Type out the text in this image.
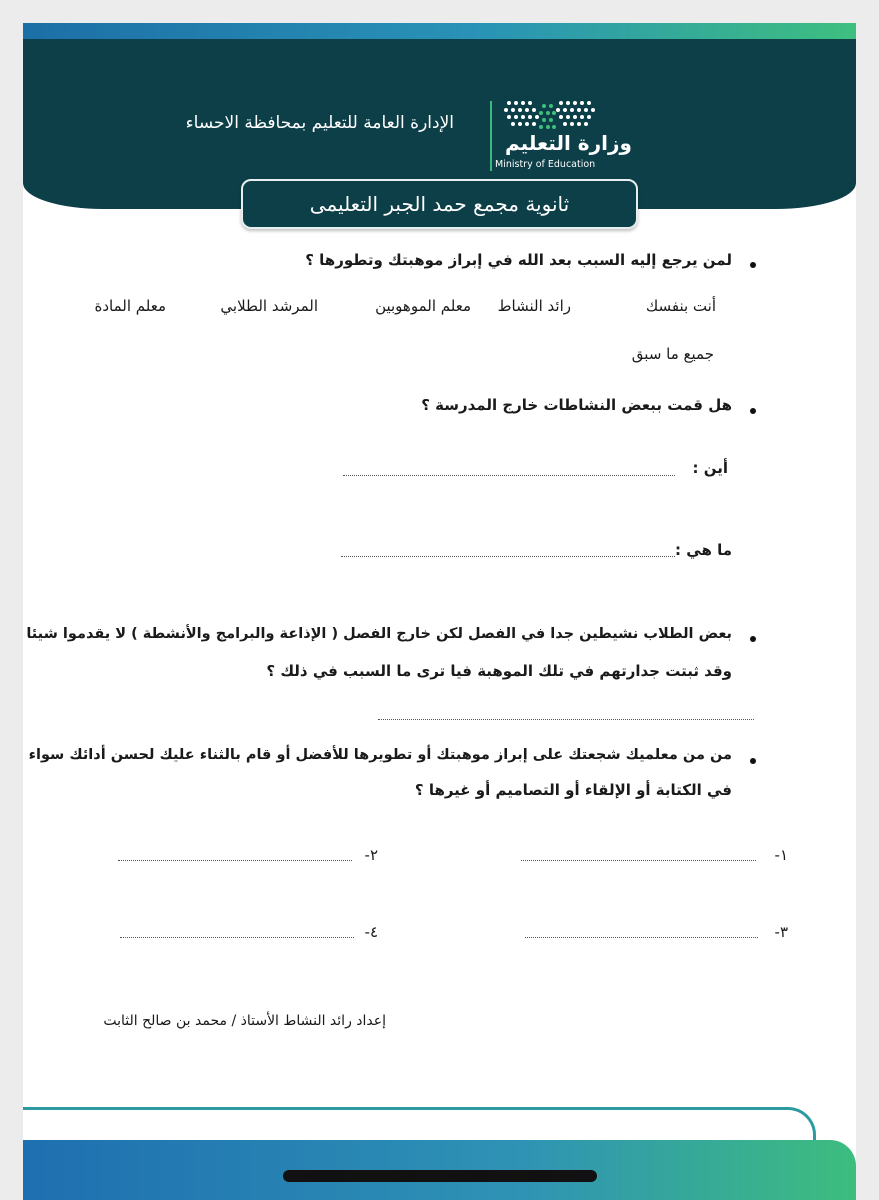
الإدارة العامة للتعليم بمحافظة الاحساء
وزارة التعليم
Ministry of Education
ثانوية مجمع حمد الجبر التعليمى
لمن يرجع إليه السبب بعد الله في إبراز موهبتك وتطورها ؟
أنت بنفسك
رائد النشاط
معلم الموهوبين
المرشد الطلابي
معلم المادة
جميع ما سبق
هل قمت ببعض النشاطات خارج المدرسة ؟
أين :
ما هي :
بعض الطلاب نشيطين جدا في الفصل لكن خارج الفصل ( الإذاعة والبرامج والأنشطة ) لا يقدموا شيئا
وقد ثبتت جدارتهم في تلك الموهبة فيا ترى ما السبب في ذلك ؟
من من معلميك شجعتك على إبراز موهبتك أو تطويرها للأفضل أو قام بالثناء عليك لحسن أدائك سواء
في الكتابة أو الإلقاء أو التصاميم أو غيرها ؟
١-
٢-
٣-
٤-
إعداد رائد النشاط الأستاذ / محمد بن صالح الثابت
